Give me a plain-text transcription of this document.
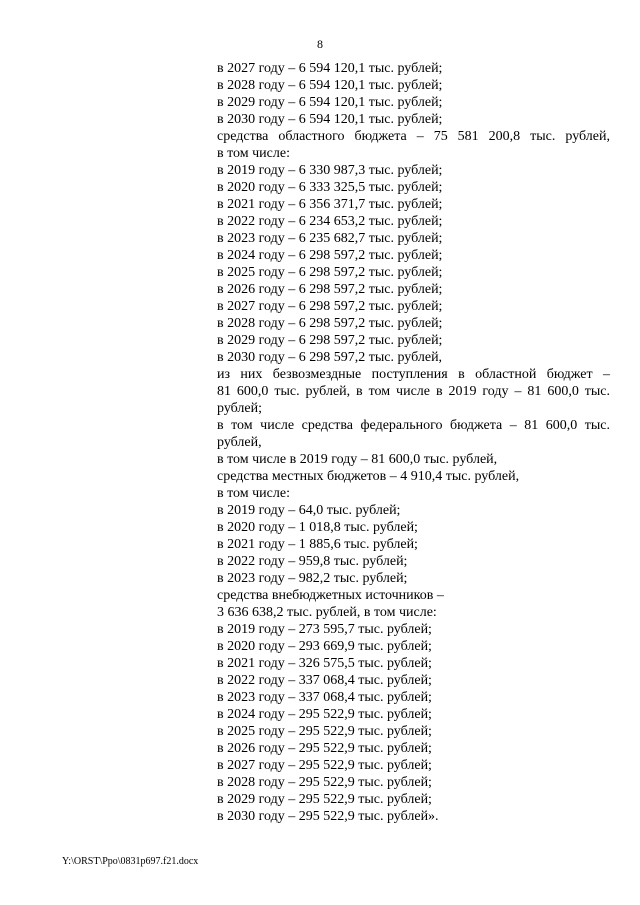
8
в 2027 году – 6 594 120,1 тыс. рублей;
в 2028 году – 6 594 120,1 тыс. рублей;
в 2029 году – 6 594 120,1 тыс. рублей;
в 2030 году – 6 594 120,1 тыс. рублей;
средства областного бюджета – 75 581 200,8 тыс. рублей,
в том числе:
в 2019 году – 6 330 987,3 тыс. рублей;
в 2020 году – 6 333 325,5 тыс. рублей;
в 2021 году – 6 356 371,7 тыс. рублей;
в 2022 году – 6 234 653,2 тыс. рублей;
в 2023 году – 6 235 682,7 тыс. рублей;
в 2024 году – 6 298 597,2 тыс. рублей;
в 2025 году – 6 298 597,2 тыс. рублей;
в 2026 году – 6 298 597,2 тыс. рублей;
в 2027 году – 6 298 597,2 тыс. рублей;
в 2028 году – 6 298 597,2 тыс. рублей;
в 2029 году – 6 298 597,2 тыс. рублей;
в 2030 году – 6 298 597,2 тыс. рублей,
из них безвозмездные поступления в областной бюджет –
81 600,0 тыс. рублей, в том числе в 2019 году – 81 600,0 тыс.
рублей;
в том числе средства федерального бюджета – 81 600,0 тыс.
рублей,
в том числе в 2019 году – 81 600,0 тыс. рублей,
средства местных бюджетов – 4 910,4 тыс. рублей,
в том числе:
в 2019 году – 64,0 тыс. рублей;
в 2020 году – 1 018,8 тыс. рублей;
в 2021 году – 1 885,6 тыс. рублей;
в 2022 году – 959,8 тыс. рублей;
в 2023 году – 982,2 тыс. рублей;
средства внебюджетных источников –
3 636 638,2 тыс. рублей, в том числе:
в 2019 году – 273 595,7 тыс. рублей;
в 2020 году – 293 669,9 тыс. рублей;
в 2021 году – 326 575,5 тыс. рублей;
в 2022 году – 337 068,4 тыс. рублей;
в 2023 году – 337 068,4 тыс. рублей;
в 2024 году – 295 522,9 тыс. рублей;
в 2025 году – 295 522,9 тыс. рублей;
в 2026 году – 295 522,9 тыс. рублей;
в 2027 году – 295 522,9 тыс. рублей;
в 2028 году – 295 522,9 тыс. рублей;
в 2029 году – 295 522,9 тыс. рублей;
в 2030 году – 295 522,9 тыс. рублей».
Y:\ORST\Ppo\0831p697.f21.docx
